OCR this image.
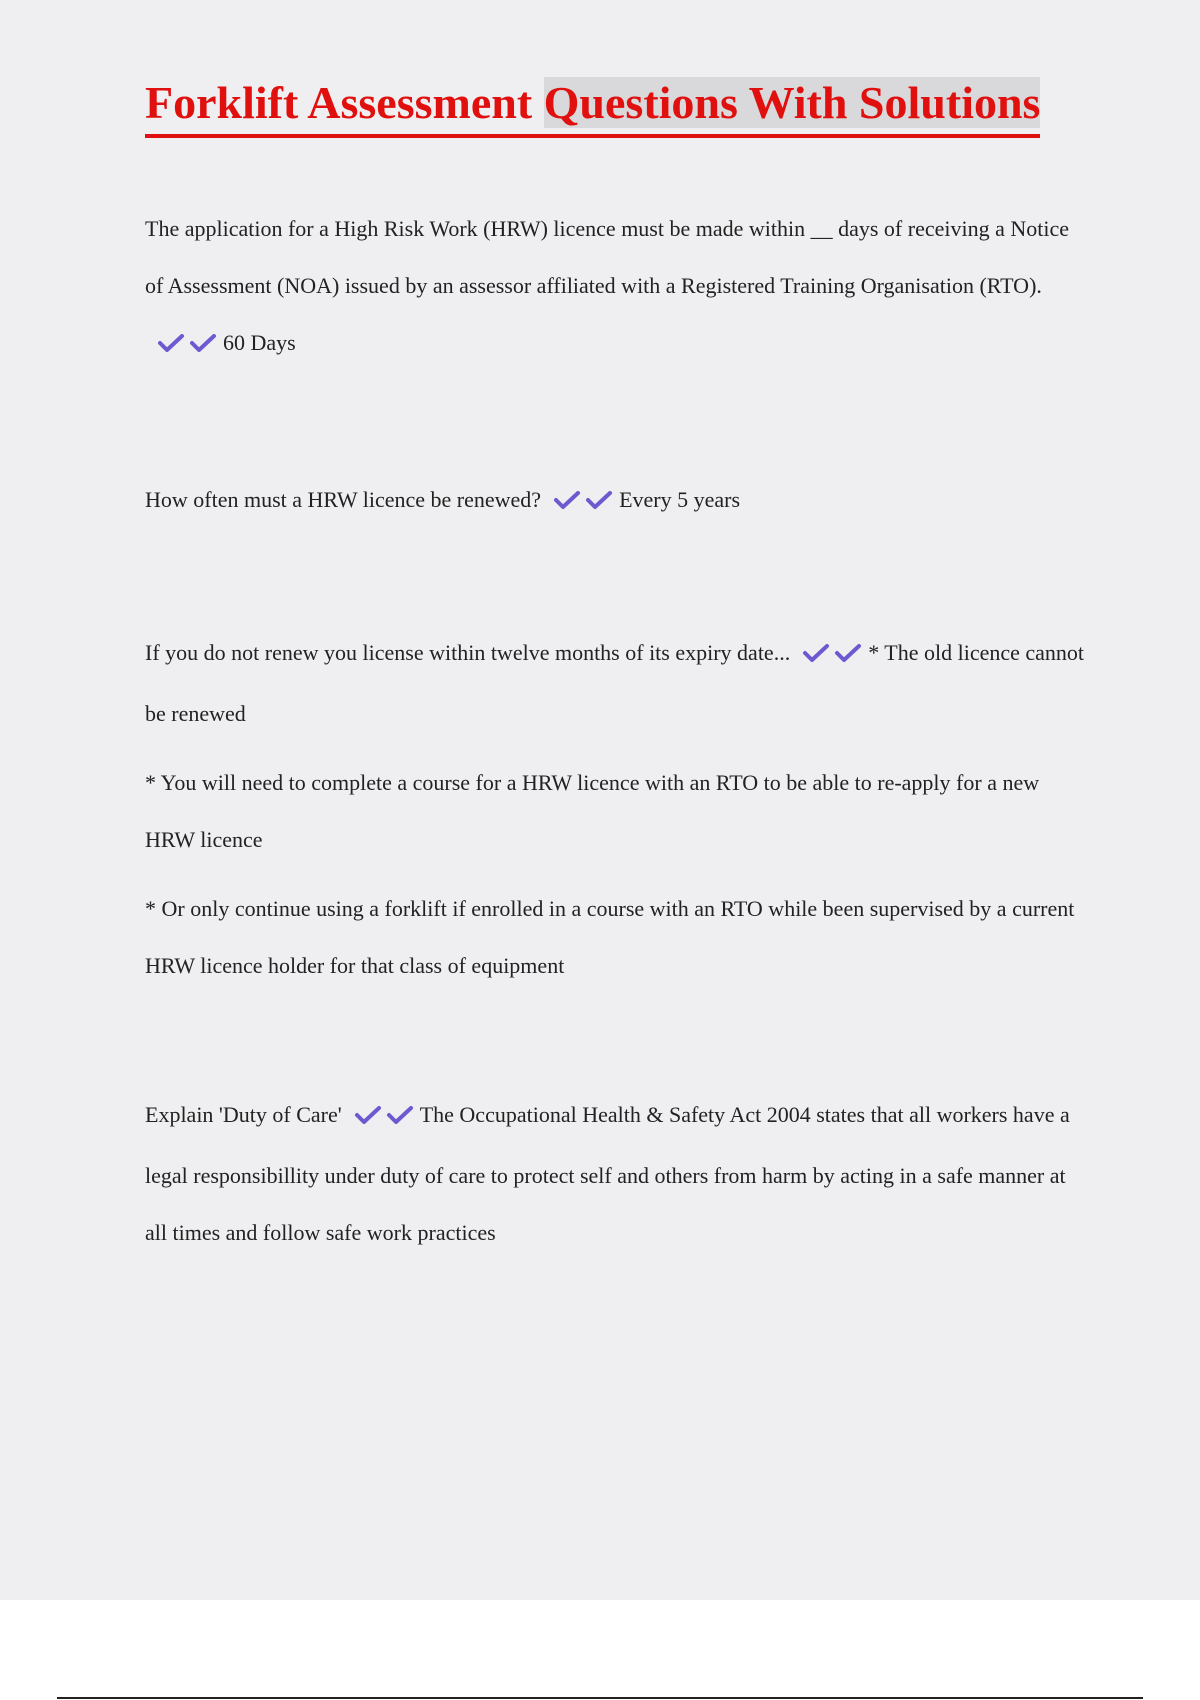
Forklift Assessment Questions With Solutions

The application for a High Risk Work (HRW) licence must be made within __ days of receiving a Notice of Assessment (NOA) issued by an assessor affiliated with a Registered Training Organisation (RTO).60 Days

How often must a HRW licence be renewed?	Every 5 years

If you do not renew you license within twelve months of its expiry date...	* The old licence cannot be renewed

* You will need to complete a course for a HRW licence with an RTO to be able to re-apply for a new HRW licence

* Or only continue using a forklift if enrolled in a course with an RTO while been supervised by a current HRW licence holder for that class of equipment

Explain 'Duty of Care'	The Occupational Health & Safety Act 2004 states that all workers have a legal responsibillity under duty of care to protect self and others from harm by acting in a safe manner at all times and follow safe work practices
